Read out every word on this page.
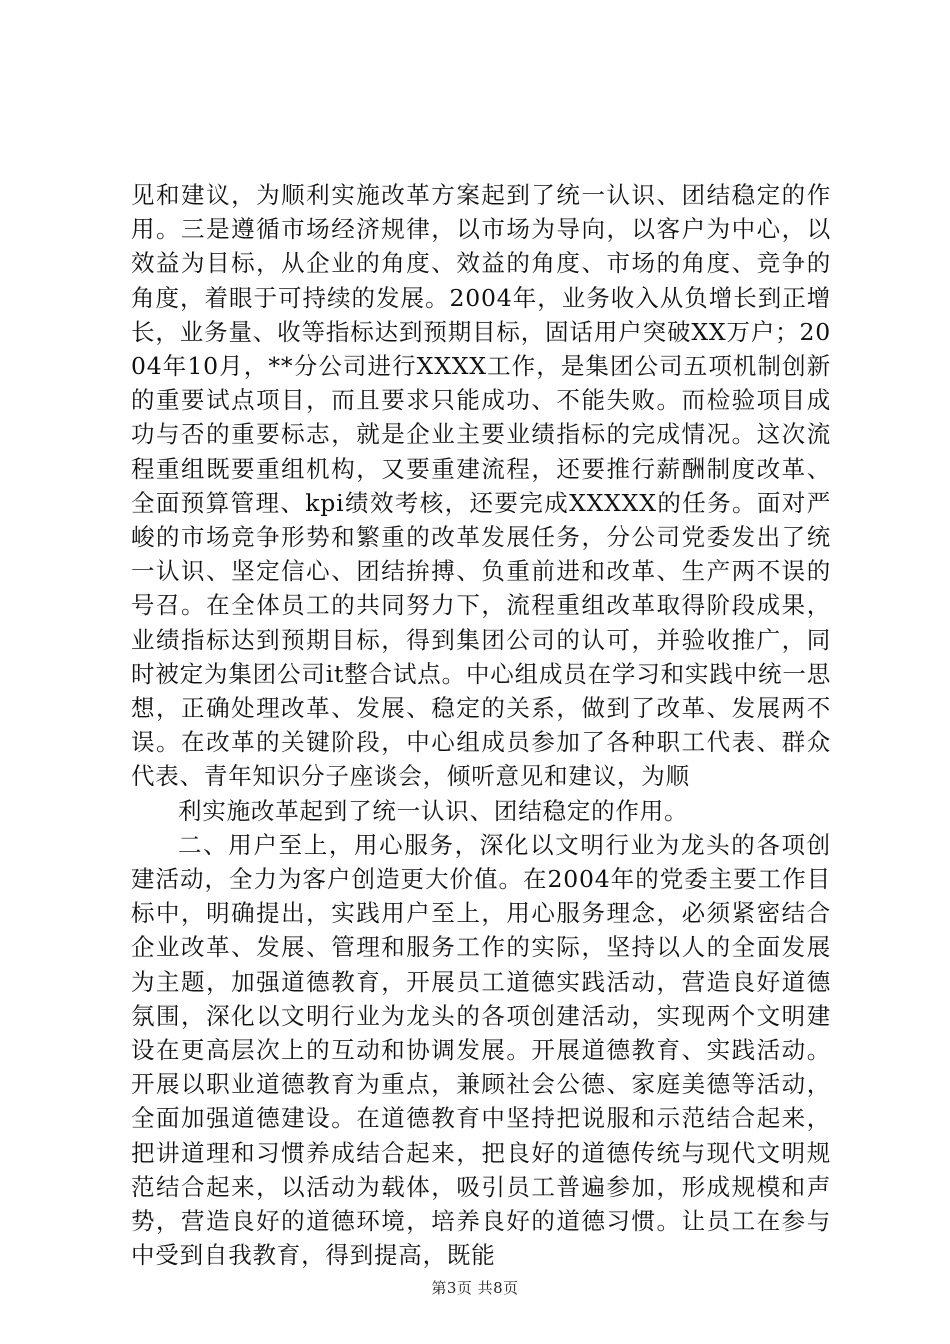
见和建议，为顺利实施改革方案起到了统一认识、团结稳定的作用。三是遵循市场经济规律，以市场为导向，以客户为中心，以效益为目标，从企业的角度、效益的角度、市场的角度、竞争的角度，着眼于可持续的发展。2004年，业务收入从负增长到正增长，业务量、收等指标达到预期目标，固话用户突破XX万户；2004年10月，**分公司进行XXXX工作，是集团公司五项机制创新的重要试点项目，而且要求只能成功、不能失败。而检验项目成功与否的重要标志，就是企业主要业绩指标的完成情况。这次流程重组既要重组机构，又要重建流程，还要推行薪酬制度改革、全面预算管理、kpi绩效考核，还要完成XXXXX的任务。面对严峻的市场竞争形势和繁重的改革发展任务，分公司党委发出了统一认识、坚定信心、团结拚搏、负重前进和改革、生产两不误的号召。在全体员工的共同努力下，流程重组改革取得阶段成果，业绩指标达到预期目标，得到集团公司的认可，并验收推广，同时被定为集团公司it整合试点。中心组成员在学习和实践中统一思想，正确处理改革、发展、稳定的关系，做到了改革、发展两不误。在改革的关键阶段，中心组成员参加了各种职工代表、群众代表、青年知识分子座谈会，倾听意见和建议，为顺

利实施改革起到了统一认识、团结稳定的作用。

二、用户至上，用心服务，深化以文明行业为龙头的各项创建活动，全力为客户创造更大价值。在2004年的党委主要工作目标中，明确提出，实践用户至上，用心服务理念，必须紧密结合企业改革、发展、管理和服务工作的实际，坚持以人的全面发展为主题，加强道德教育，开展员工道德实践活动，营造良好道德氛围，深化以文明行业为龙头的各项创建活动，实现两个文明建设在更高层次上的互动和协调发展。开展道德教育、实践活动。开展以职业道德教育为重点，兼顾社会公德、家庭美德等活动，全面加强道德建设。在道德教育中坚持把说服和示范结合起来，把讲道理和习惯养成结合起来，把良好的道德传统与现代文明规范结合起来，以活动为载体，吸引员工普遍参加，形成规模和声势，营造良好的道德环境，培养良好的道德习惯。让员工在参与中受到自我教育，得到提高，既能

第3页 共8页
